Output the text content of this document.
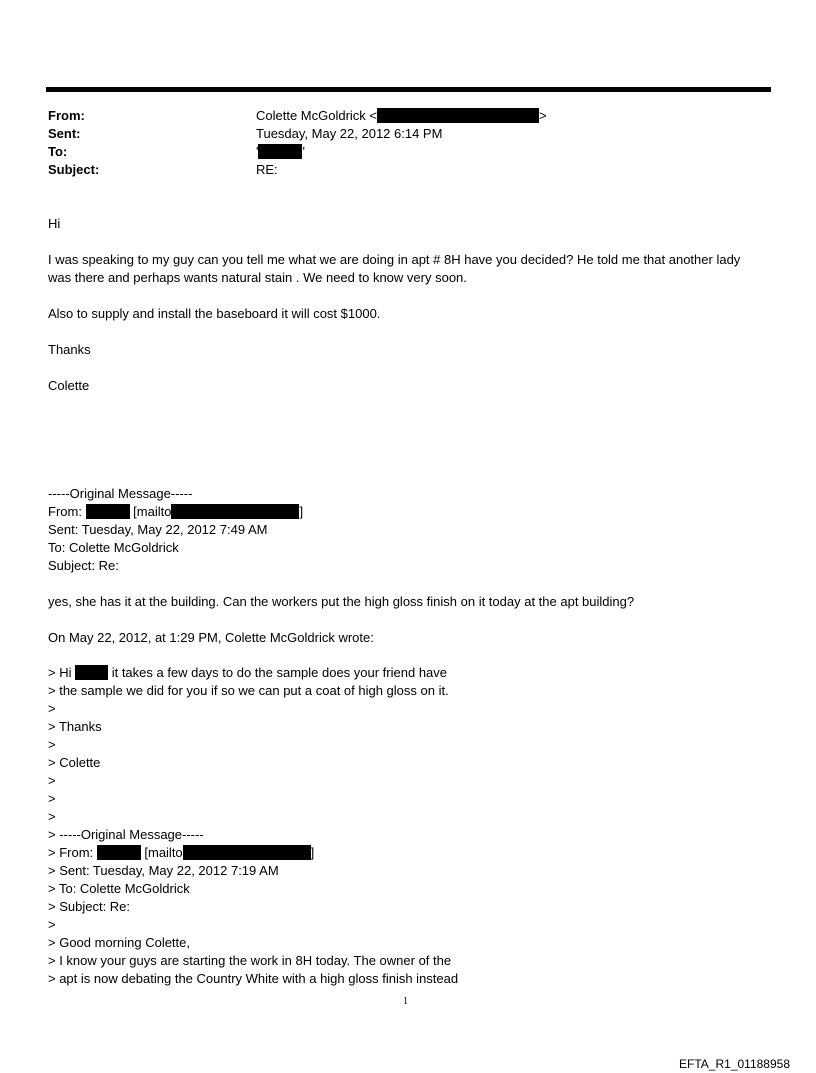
From:	Colette McGoldrick <	>
Sent:	Tuesday, May 22, 2012 6:14 PM
To:	'	'
Subject:	RE:
Hi
I was speaking to my guy can you tell me what we are doing in apt # 8H have you decided? He told me that another lady
was there and perhaps wants natural stain . We need to know very soon.
Also to supply and install the baseboard it will cost $1000.
Thanks
Colette
-----Original Message-----
From:	[mailto	]
Sent: Tuesday, May 22, 2012 7:49 AM
To: Colette McGoldrick
Subject: Re:
yes, she has it at the building. Can the workers put the high gloss finish on it today at the apt building?
On May 22, 2012, at 1:29 PM, Colette McGoldrick wrote:
> Hi	it takes a few days to do the sample does your friend have
> the sample we did for you if so we can put a coat of high gloss on it.
>
> Thanks
>
> Colette
>
>
>
> -----Original Message-----
> From:	[mailto	]
> Sent: Tuesday, May 22, 2012 7:19 AM
> To: Colette McGoldrick
> Subject: Re:
>
> Good morning Colette,
> I know your guys are starting the work in 8H today. The owner of the
> apt is now debating the Country White with a high gloss finish instead
1
EFTA_R1_01188958
